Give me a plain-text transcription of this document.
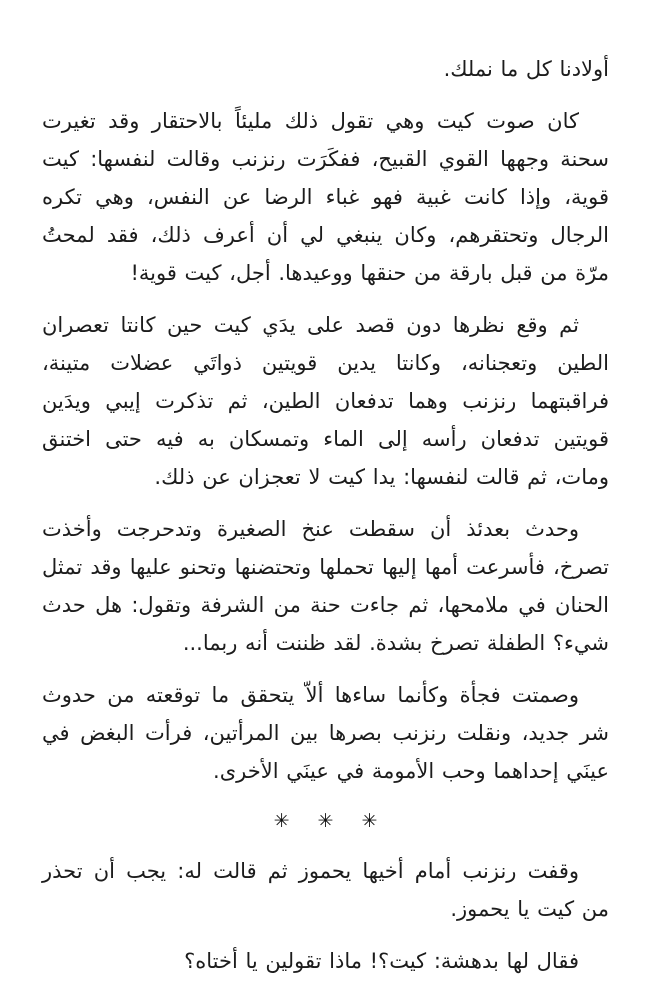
أولادنا كل ما نملك.

كان صوت كيت وهي تقول ذلك مليئاً بالاحتقار وقد تغيرت سحنة وجهها القوي القبيح، ففكَرَت رنزنب وقالت لنفسها: كيت قوية، وإذا كانت غبية فهو غباء الرضا عن النفس، وهي تكره الرجال وتحتقرهم، وكان ينبغي لي أن أعرف ذلك، فقد لمحتُ مرّة من قبل بارقة من حنقها ووعيدها. أجل، كيت قوية!

ثم وقع نظرها دون قصد على يدَي كيت حين كانتا تعصران الطين وتعجنانه، وكانتا يدين قويتين ذواتَي عضلات متينة، فراقبتهما رنزنب وهما تدفعان الطين، ثم تذكرت إيبي ويدَين قويتين تدفعان رأسه إلى الماء وتمسكان به فيه حتى اختنق ومات، ثم قالت لنفسها: يدا كيت لا تعجزان عن ذلك.

وحدث بعدئذ أن سقطت عنخ الصغيرة وتدحرجت وأخذت تصرخ، فأسرعت أمها إليها تحملها وتحتضنها وتحنو عليها وقد تمثل الحنان في ملامحها، ثم جاءت حنة من الشرفة وتقول: هل حدث شيء؟ الطفلة تصرخ بشدة. لقد ظننت أنه ربما...

وصمتت فجأة وكأنما ساءها ألاّ يتحقق ما توقعته من حدوث شر جديد، ونقلت رنزنب بصرها بين المرأتين، فرأت البغض في عينَي إحداهما وحب الأمومة في عينَي الأخرى.

✳ ✳ ✳

وقفت رنزنب أمام أخيها يحموز ثم قالت له: يجب أن تحذر من كيت يا يحموز.

فقال لها بدهشة: كيت؟! ماذا تقولين يا أختاه؟
